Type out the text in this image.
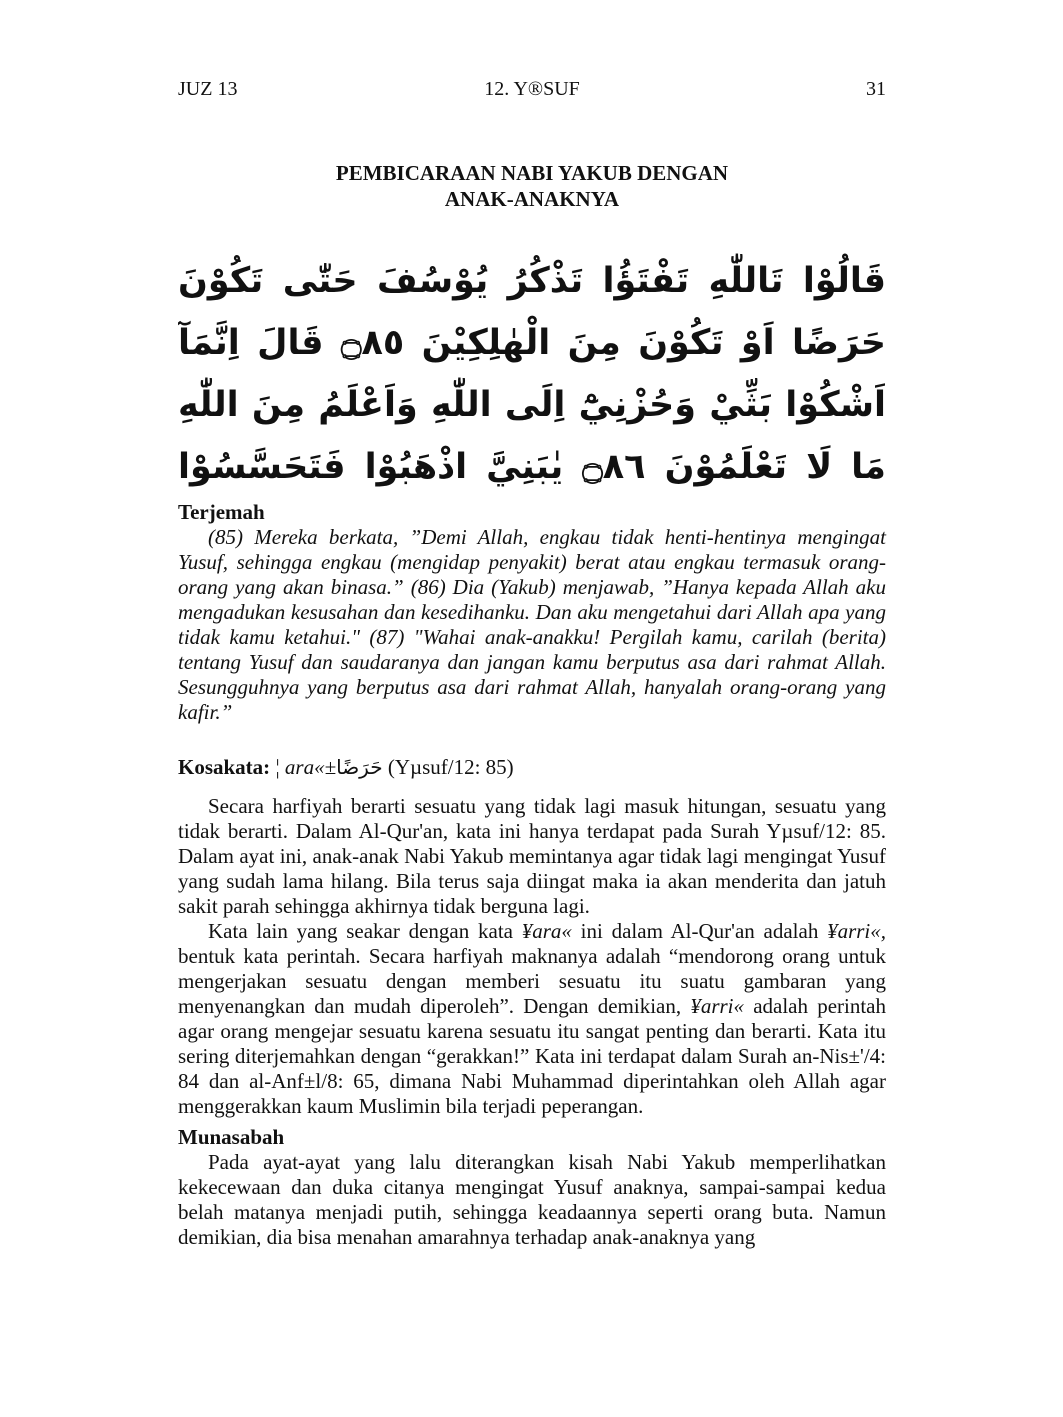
JUZ 13	12. Y®SUF	31
PEMBICARAAN NABI YAKUB DENGAN
ANAK-ANAKNYA
قَالُوْا تَاللّٰهِ تَفْتَؤُا تَذْكُرُ يُوْسُفَ حَتّٰى تَكُوْنَ حَرَضًا اَوْ تَكُوْنَ مِنَ الْهٰلِكِيْنَ ۝٨٥ قَالَ اِنَّمَآ اَشْكُوْا بَثِّيْ وَحُزْنِيْٓ اِلَى اللّٰهِ وَاَعْلَمُ مِنَ اللّٰهِ مَا لَا تَعْلَمُوْنَ ۝٨٦ يٰبَنِيَّ اذْهَبُوْا فَتَحَسَّسُوْا
Terjemah

(85) Mereka berkata, ”Demi Allah, engkau tidak henti-hentinya mengingat Yusuf, sehingga engkau (mengidap penyakit) berat atau engkau termasuk orang-orang yang akan binasa.” (86) Dia (Yakub) menjawab, ”Hanya kepada Allah aku mengadukan kesusahan dan kesedihanku. Dan aku mengetahui dari Allah apa yang tidak kamu ketahui." (87) "Wahai anak-anakku! Pergilah kamu, carilah (berita) tentang Yusuf dan saudaranya dan jangan kamu berputus asa dari rahmat Allah. Sesungguhnya yang berputus asa dari rahmat Allah, hanyalah orang-orang yang kafir.”

Kosakata: ¦ ara«±حَرَضًا (Yµsuf/12: 85)

Secara harfiyah berarti sesuatu yang tidak lagi masuk hitungan, sesuatu yang tidak berarti. Dalam Al-Qur'an, kata ini hanya terdapat pada Surah Yµsuf/12: 85. Dalam ayat ini, anak-anak Nabi Yakub memintanya agar tidak lagi mengingat Yusuf yang sudah lama hilang. Bila terus saja diingat maka ia akan menderita dan jatuh sakit parah sehingga akhirnya tidak berguna lagi.

Kata lain yang seakar dengan kata ¥ara« ini dalam Al-Qur'an adalah ¥arri«, bentuk kata perintah. Secara harfiyah maknanya adalah “mendorong orang untuk mengerjakan sesuatu dengan memberi sesuatu itu suatu gambaran yang menyenangkan dan mudah diperoleh”. Dengan demikian, ¥arri« adalah perintah agar orang mengejar sesuatu karena sesuatu itu sangat penting dan berarti. Kata itu sering diterjemahkan dengan “gerakkan!” Kata ini terdapat dalam Surah an-Nis±'/4: 84 dan al-Anf±l/8: 65, dimana Nabi Muhammad diperintahkan oleh Allah agar menggerakkan kaum Muslimin bila terjadi peperangan.

Munasabah

Pada ayat-ayat yang lalu diterangkan kisah Nabi Yakub memperlihatkan kekecewaan dan duka citanya mengingat Yusuf anaknya, sampai-sampai kedua belah matanya menjadi putih, sehingga keadaannya seperti orang buta. Namun demikian, dia bisa menahan amarahnya terhadap anak-anaknya yang
